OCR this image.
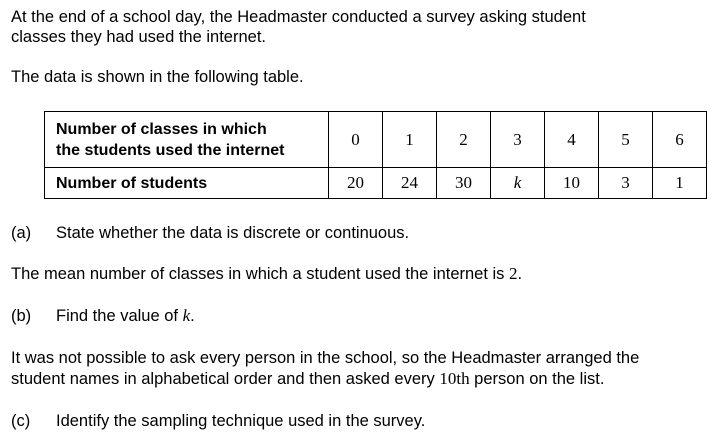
At the end of a school day, the Headmaster conducted a survey asking student
classes they had used the internet.
The data is shown in the following table.
Number of classes in which
the students used the internet	0	1	2	3	4	5	6
Number of students	20	24	30	k	10	3	1
(a) State whether the data is discrete or continuous.
The mean number of classes in which a student used the internet is 2.
(b) Find the value of k.
It was not possible to ask every person in the school, so the Headmaster arranged the
student names in alphabetical order and then asked every 10th person on the list.
(c) Identify the sampling technique used in the survey.
